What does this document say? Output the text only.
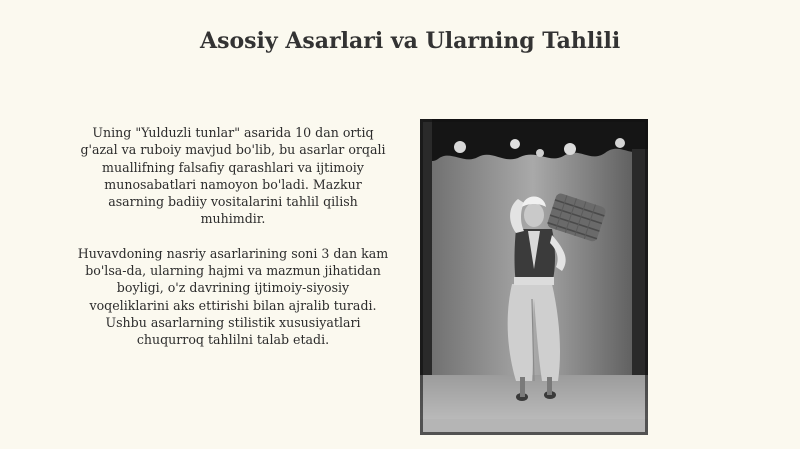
Asosiy Asarlari va Ularning Tahlili

Uning "Yulduzli tunlar" asarida 10 dan ortiq
g'azal va ruboiy mavjud bo'lib, bu asarlar orqali
muallifning falsafiy qarashlari va ijtimoiy
munosabatlari namoyon bo'ladi. Mazkur
asarning badiiy vositalarini tahlil qilish
muhimdir.

Huvavdoning nasriy asarlarining soni 3 dan kam
bo'lsa-da, ularning hajmi va mazmun jihatidan
boyligi, o'z davrining ijtimoiy-siyosiy
voqeliklarini aks ettirishi bilan ajralib turadi.
Ushbu asarlarning stilistik xususiyatlari
chuqurroq tahlilni talab etadi.
